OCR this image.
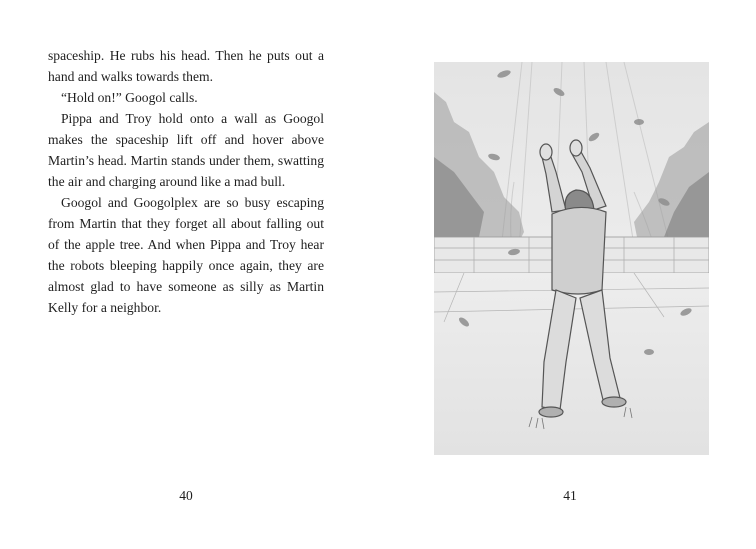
spaceship. He rubs his head. Then he puts out a hand and walks towards them.

“Hold on!” Googol calls.

Pippa and Troy hold onto a wall as Googol makes the spaceship lift off and hover above Martin’s head. Martin stands under them, swatting the air and charging around like a mad bull.

Googol and Googolplex are so busy escaping from Martin that they forget all about falling out of the apple tree. And when Pippa and Troy hear the robots bleeping happily once again, they are almost glad to have someone as silly as Martin Kelly for a neighbor.

40	41
